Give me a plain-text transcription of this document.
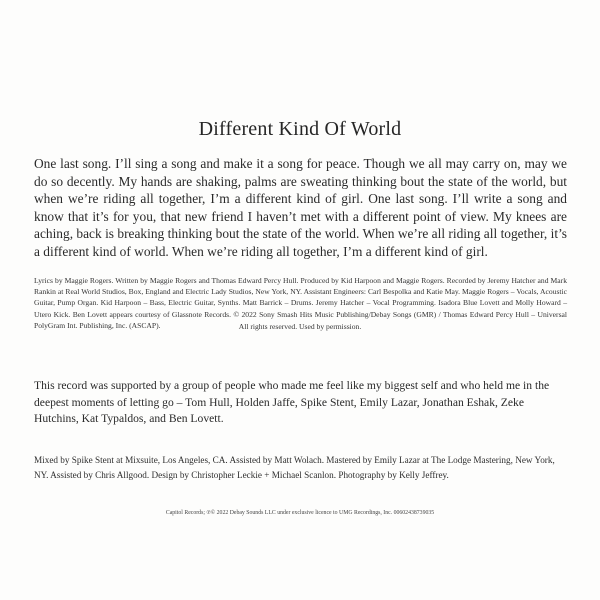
Different Kind Of World
One last song. I’ll sing a song and make it a song for peace. Though we all may carry on, may we do so decently. My hands are shaking, palms are sweating thinking bout the state of the world, but when we’re riding all together, I’m a different kind of girl. One last song. I’ll write a song and know that it’s for you, that new friend I haven’t met with a different point of view. My knees are aching, back is breaking thinking bout the state of the world. When we’re all riding all together, it’s a different kind of world. When we’re riding all together, I’m a different kind of girl.
Lyrics by Maggie Rogers. Written by Maggie Rogers and Thomas Edward Percy Hull. Produced by Kid Harpoon and Maggie Rogers. Recorded by Jeremy Hatcher and Mark Rankin at Real World Studios, Box, England and Electric Lady Studios, New York, NY. Assistant Engineers: Carl Bespolka and Katie May. Maggie Rogers – Vocals, Acoustic Guitar, Pump Organ. Kid Harpoon – Bass, Electric Guitar, Synths. Matt Barrick – Drums. Jeremy Hatcher – Vocal Programming. Isadora Blue Lovett and Molly Howard – Utero Kick. Ben Lovett appears courtesy of Glassnote Records. © 2022 Sony Smash Hits Music Publishing/Debay Songs (GMR) / Thomas Edward Percy Hull – Universal PolyGram Int. Publishing, Inc. (ASCAP).	All rights reserved. Used by permission.
This record was supported by a group of people who made me feel like my biggest self and who held me in the deepest moments of letting go – Tom Hull, Holden Jaffe, Spike Stent, Emily Lazar, Jonathan Eshak, Zeke Hutchins, Kat Typaldos, and Ben Lovett.
Mixed by Spike Stent at Mixsuite, Los Angeles, CA. Assisted by Matt Wolach. Mastered by Emily Lazar at The Lodge Mastering, New York, NY. Assisted by Chris Allgood. Design by Christopher Leckie + Michael Scanlon. Photography by Kelly Jeffrey.
Capitol Records; ℗© 2022 Debay Sounds LLC under exclusive licence to UMG Recordings, Inc. 00602438739035
